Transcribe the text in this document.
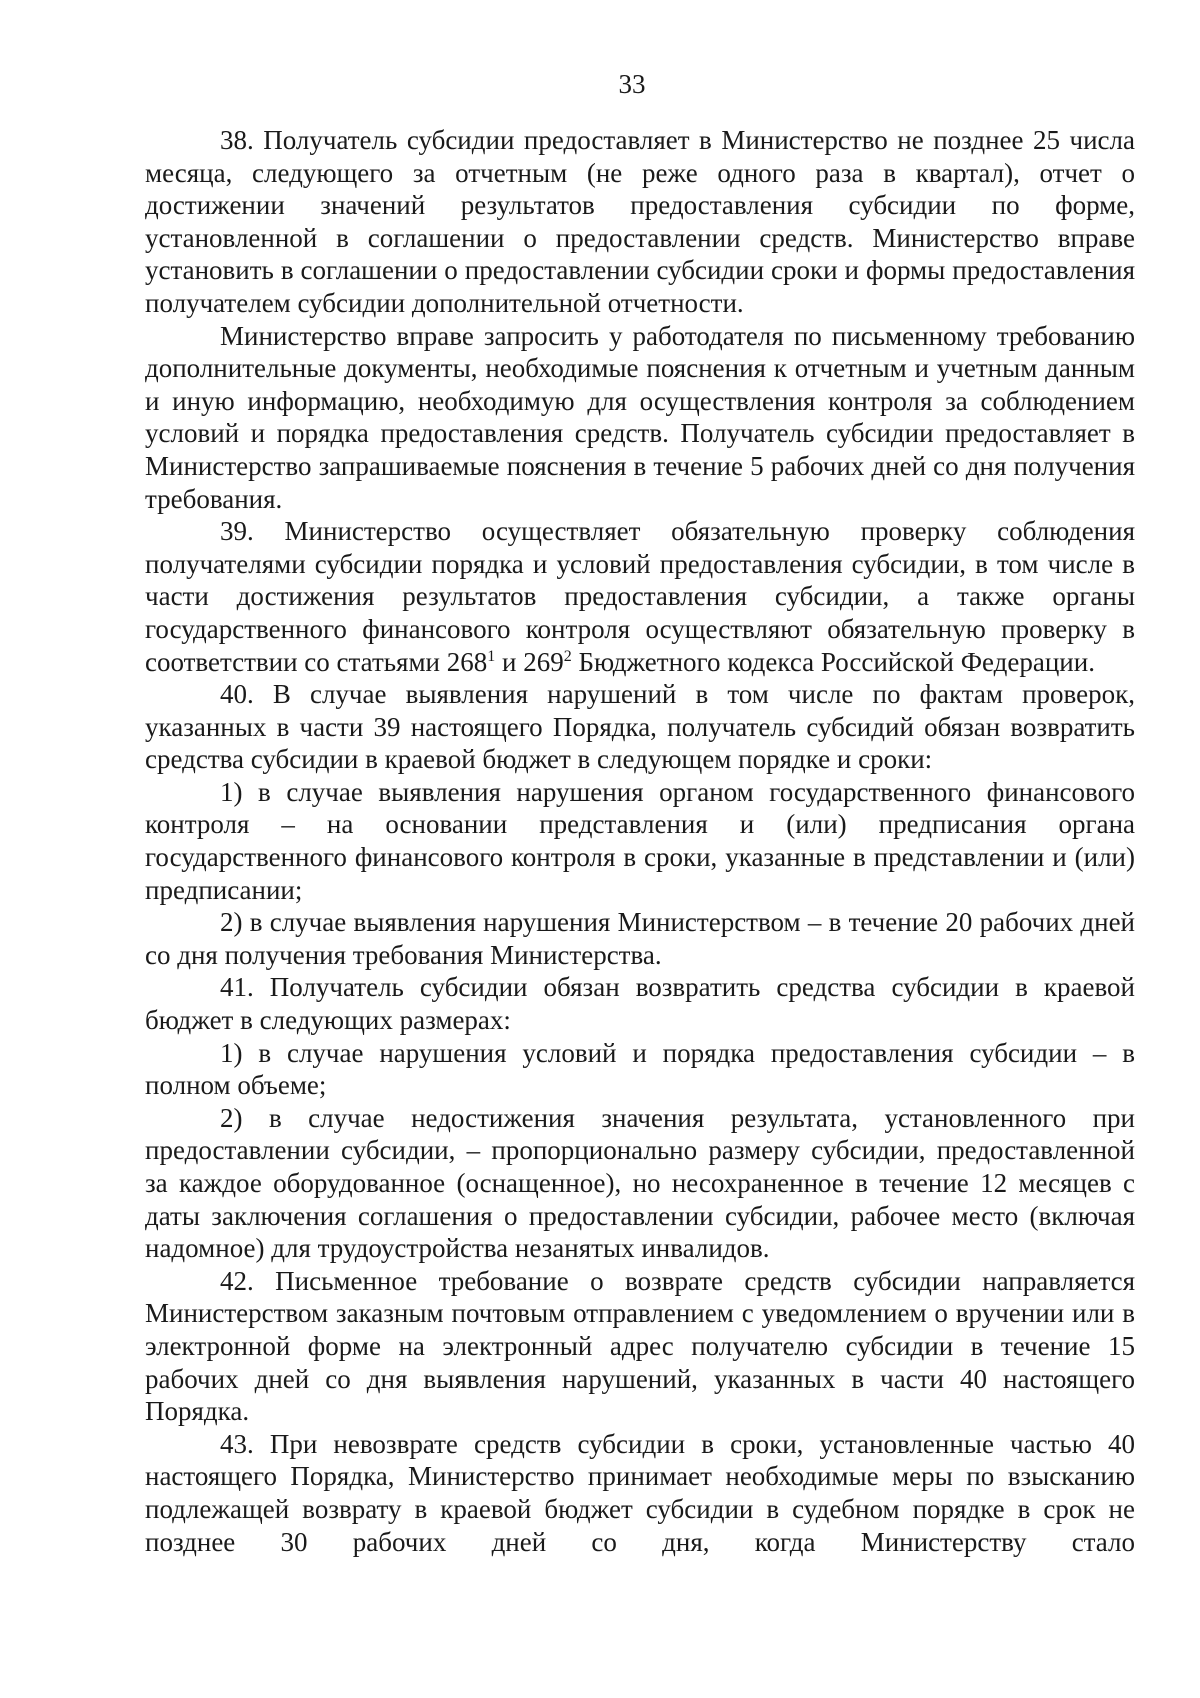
33

38. Получатель субсидии предоставляет в Министерство не позднее 25 числа месяца, следующего за отчетным (не реже одного раза в квартал), отчет о достижении значений результатов предоставления субсидии по форме, установленной в соглашении о предоставлении средств. Министерство вправе установить в соглашении о предоставлении субсидии сроки и формы предоставления получателем субсидии дополнительной отчетности.

Министерство вправе запросить у работодателя по письменному требованию дополнительные документы, необходимые пояснения к отчетным и учетным данным и иную информацию, необходимую для осуществления контроля за соблюдением условий и порядка предоставления средств. Получатель субсидии предоставляет в Министерство запрашиваемые пояснения в течение 5 рабочих дней со дня получения требования.

39. Министерство осуществляет обязательную проверку соблюдения получателями субсидии порядка и условий предоставления субсидии, в том числе в части достижения результатов предоставления субсидии, а также органы государственного финансового контроля осуществляют обязательную проверку в соответствии со статьями $268^1$ и $269^2$ Бюджетного кодекса Российской Федерации.

40. В случае выявления нарушений в том числе по фактам проверок, указанных в части 39 настоящего Порядка, получатель субсидий обязан возвратить средства субсидии в краевой бюджет в следующем порядке и сроки:

1) в случае выявления нарушения органом государственного финансового контроля – на основании представления и (или) предписания органа государственного финансового контроля в сроки, указанные в представлении и (или) предписании;

2) в случае выявления нарушения Министерством – в течение 20 рабочих дней со дня получения требования Министерства.

41. Получатель субсидии обязан возвратить средства субсидии в краевой бюджет в следующих размерах:

1) в случае нарушения условий и порядка предоставления субсидии – в полном объеме;

2) в случае недостижения значения результата, установленного при предоставлении субсидии, – пропорционально размеру субсидии, предоставленной за каждое оборудованное (оснащенное), но несохраненное в течение 12 месяцев с даты заключения соглашения о предоставлении субсидии, рабочее место (включая надомное) для трудоустройства незанятых инвалидов.

42. Письменное требование о возврате средств субсидии направляется Министерством заказным почтовым отправлением с уведомлением о вручении или в электронной форме на электронный адрес получателю субсидии в течение 15 рабочих дней со дня выявления нарушений, указанных в части 40 настоящего Порядка.

43. При невозврате средств субсидии в сроки, установленные частью 40 настоящего Порядка, Министерство принимает необходимые меры по взысканию подлежащей возврату в краевой бюджет субсидии в судебном порядке в срок не позднее 30 рабочих дней со дня, когда Министерству стало
